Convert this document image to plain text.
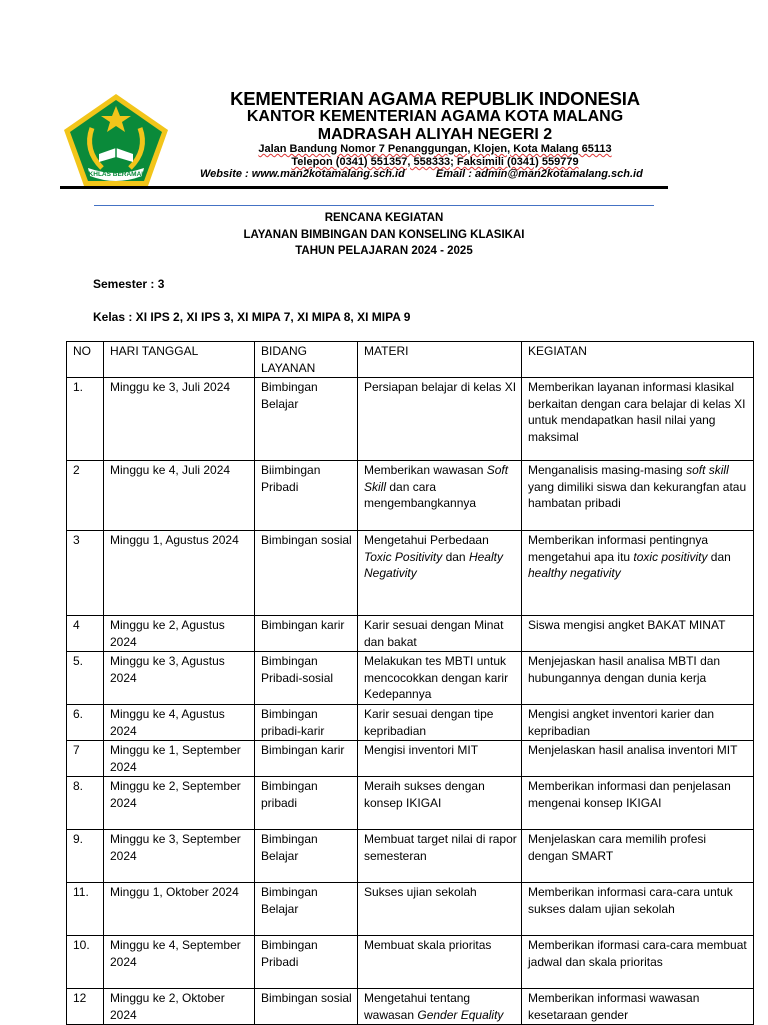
IKHLAS BERAMAL
KEMENTERIAN AGAMA REPUBLIK INDONESIA
KANTOR KEMENTERIAN AGAMA KOTA MALANG
MADRASAH ALIYAH NEGERI 2
Jalan Bandung Nomor 7 Penanggungan, Klojen, Kota Malang 65113
Telepon (0341) 551357, 558333; Faksimili (0341) 559779
Website : www.man2kotamalang.sch.id	Email : admin@man2kotamalang.sch.id
RENCANA KEGIATAN
LAYANAN BIMBINGAN DAN KONSELING KLASIKAI
TAHUN PELAJARAN 2024 - 2025
Semester : 3
Kelas : XI IPS 2, XI IPS 3, XI MIPA 7, XI MIPA 8, XI MIPA 9
NO	HARI TANGGAL	BIDANG LAYANAN	MATERI	KEGIATAN
1.	Minggu ke 3, Juli 2024	Bimbingan Belajar	Persiapan belajar di kelas XI	Memberikan layanan informasi klasikal berkaitan dengan cara belajar di kelas XI untuk mendapatkan hasil nilai yang maksimal
2	Minggu ke 4, Juli 2024	Biimbingan Pribadi	Memberikan wawasan Soft Skill dan cara mengembangkannya	Menganalisis masing-masing soft skill yang dimiliki siswa dan kekurangfan atau hambatan pribadi
3	Minggu 1, Agustus 2024	Bimbingan sosial	Mengetahui Perbedaan Toxic Positivity dan Healty Negativity	Memberikan informasi pentingnya mengetahui apa itu toxic positivity dan healthy negativity
4	Minggu ke 2, Agustus 2024	Bimbingan karir	Karir sesuai dengan Minat dan bakat	Siswa mengisi angket BAKAT MINAT
5.	Minggu ke 3, Agustus 2024	Bimbingan Pribadi-sosial	Melakukan tes MBTI untuk mencocokkan dengan karir Kedepannya	Menjejaskan hasil analisa MBTI dan hubungannya dengan dunia kerja
6.	Minggu ke 4, Agustus 2024	Bimbingan pribadi-karir	Karir sesuai dengan tipe kepribadian	Mengisi angket inventori karier dan kepribadian
7	Minggu ke 1, September 2024	Bimbingan karir	Mengisi inventori MIT	Menjelaskan hasil analisa inventori MIT
8.	Minggu ke 2, September 2024	Bimbingan pribadi	Meraih sukses dengan konsep IKIGAI	Memberikan informasi dan penjelasan mengenai konsep IKIGAI
9.	Minggu ke 3, September 2024	Bimbingan Belajar	Membuat target nilai di rapor semesteran	Menjelaskan cara memilih profesi dengan SMART
11.	Minggu 1, Oktober 2024	Bimbingan Belajar	Sukses ujian sekolah	Memberikan informasi cara-cara untuk sukses dalam ujian sekolah
10.	Minggu ke 4, September 2024	Bimbingan Pribadi	Membuat skala prioritas	Memberikan iformasi cara-cara membuat jadwal dan skala prioritas
12	Minggu ke 2, Oktober 2024	Bimbingan sosial	Mengetahui tentang wawasan Gender Equality	Memberikan informasi wawasan kesetaraan gender
